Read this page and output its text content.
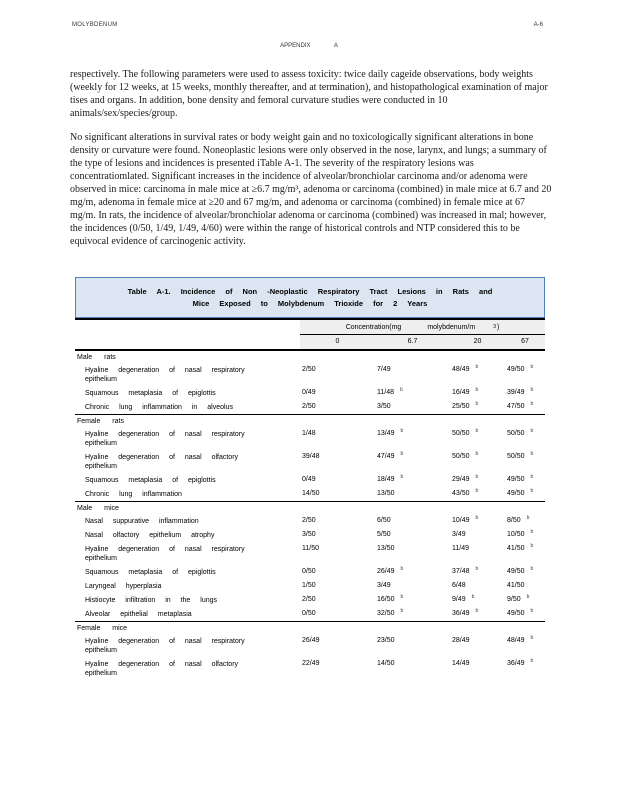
MOLYBDENUM	A-6
APPENDIX A
respectively. The following parameters were used to assess toxicity: twice daily cageide observations, body weights (weekly for 12 weeks, at 15 weeks, monthly thereafter, and at termination), and histopathological examination of major tises and organs. In addition, bone density and femoral curvature studies were conducted in 10 animals/sex/species/group.
No significant alterations in survival rates or body weight gain and no toxicologically significant alterations in bone density or curvature were found. Noneoplastic lesions were only observed in the nose, larynx, and lungs; a summary of the type of lesions and incidences is presented iTable A-1. The severity of the respiratory lesions was concentratiomlated. Significant increases in the incidence of alveolar/bronchiolar carcinoma and/or adenoma were observed in mice: carcinoma in male mice at ≥6.7 mg/m³, adenoma or carcinoma (combined) in male mice at 6.7 and 20 mg/m, adenoma in female mice at ≥20 and 67 mg/m, and adenoma or carcinoma (combined) in female mice at 67 mg/m. In rats, the incidence of alveolar/bronchiolar adenoma or carcinoma (combined) was increased in mal; however, the incidences (0/50, 1/49, 1/49, 4/60) were within the range of historical controls and NTP considered this to be equivocal evidence of carcinogenic activity.
Table A-1. Incidence of Non -Neoplastic Respiratory Tract Lesions in Rats and
Mice Exposed to Molybdenum Trioxide for 2 Years

	Concentration(mg molybdenum/m 3 )			

	0	6.7	20	67
Male rats				
Hyaline degeneration of nasal respiratory epithelium	2/50	7/49	48/49 $^b$	49/50 $^b$
Squamous metaplasia of epiglottis	0/49	11/48 $^b$	16/49 $^b$	39/49 $^b$
Chronic lung inflammation in alveolus	2/50	3/50	25/50 $^b$	47/50 $^b$
Female rats				
Hyaline degeneration of nasal respiratory epithelium	1/48	13/49 $^b$	50/50 $^b$	50/50 $^b$
Hyaline degeneration of nasal olfactory epithelium	39/48	47/49 $^b$	50/50 $^b$	50/50 $^b$
Squamous metaplasia of epiglottis	0/49	18/49 $^b$	29/49 $^b$	49/50 $^b$
Chronic lung inflammation	14/50	13/50	43/50 $^b$	49/50 $^b$
Male mice				
Nasal suppurative inflammation	2/50	6/50	10/49 $^b$	8/50 $^b$
Nasal olfactory epithelium atrophy	3/50	5/50	3/49	10/50 $^b$
Hyaline degeneration of nasal respiratory epithelium	11/50	13/50	11/49	41/50 $^b$
Squamous metaplasia of epiglottis	0/50	26/49 $^b$	37/48 $^b$	49/50 $^b$
Laryngeal hyperplasia	1/50	3/49	6/48	41/50
Histiocyte infiltration in the lungs	2/50	16/50 $^b$	9/49 $^b$	9/50 $^b$
Alveolar epithelial metaplasia	0/50	32/50 $^b$	36/49 $^b$	49/50 $^b$
Female mice				
Hyaline degeneration of nasal respiratory epithelium	26/49	23/50	28/49	48/49 $^b$
Hyaline degeneration of nasal olfactory epithelium	22/49	14/50	14/49	36/49 $^b$
